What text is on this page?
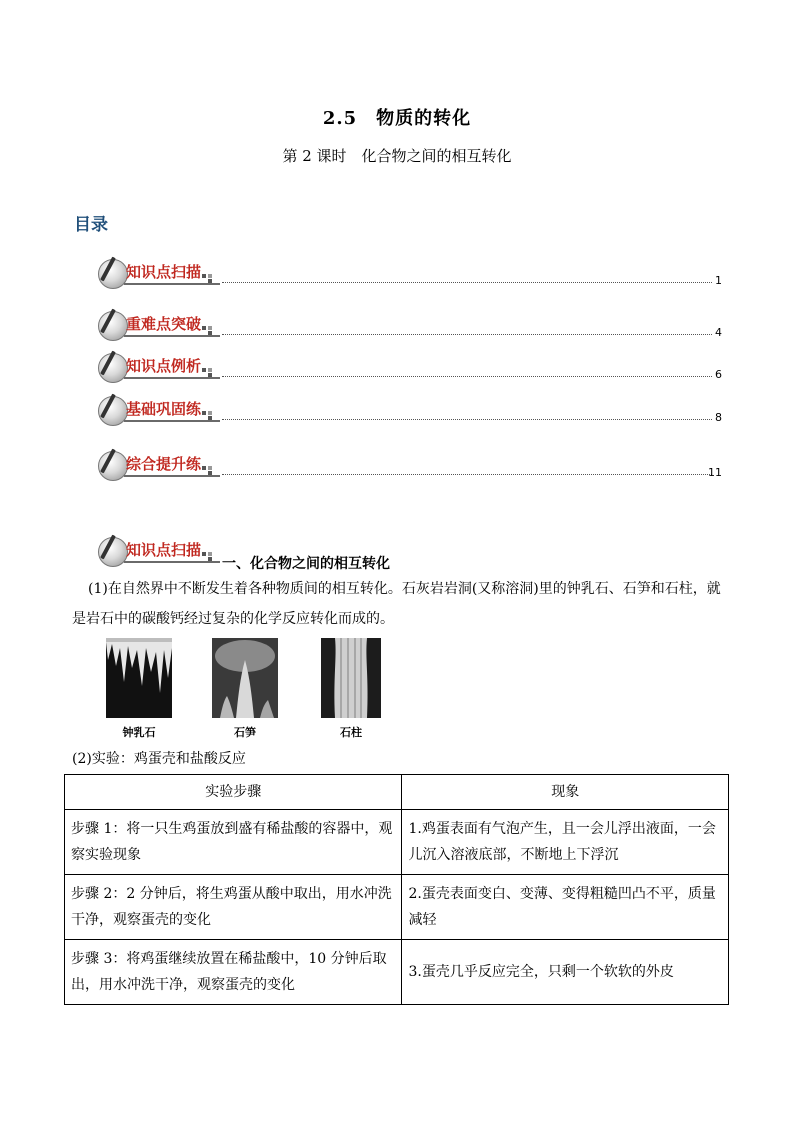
2.5　物质的转化
第 2 课时　化合物之间的相互转化
目录
知识点扫描	1
重难点突破	4
知识点例析	6
基础巩固练	8
综合提升练	11
知识点扫描
一、化合物之间的相互转化
(1)在自然界中不断发生着各种物质间的相互转化。石灰岩岩洞(又称溶洞)里的钟乳石、石笋和石柱，就是岩石中的碳酸钙经过复杂的化学反应转化而成的。
钟乳石	石笋	石柱
(2)实验：鸡蛋壳和盐酸反应
实验步骤	现象
步骤 1：将一只生鸡蛋放到盛有稀盐酸的容器中，观察实验现象	1.鸡蛋表面有气泡产生，且一会儿浮出液面，一会儿沉入溶液底部，不断地上下浮沉
步骤 2：2 分钟后，将生鸡蛋从酸中取出，用水冲洗干净，观察蛋壳的变化	2.蛋壳表面变白、变薄、变得粗糙凹凸不平，质量减轻
步骤 3：将鸡蛋继续放置在稀盐酸中，10 分钟后取出，用水冲洗干净，观察蛋壳的变化	3.蛋壳几乎反应完全，只剩一个软软的外皮
